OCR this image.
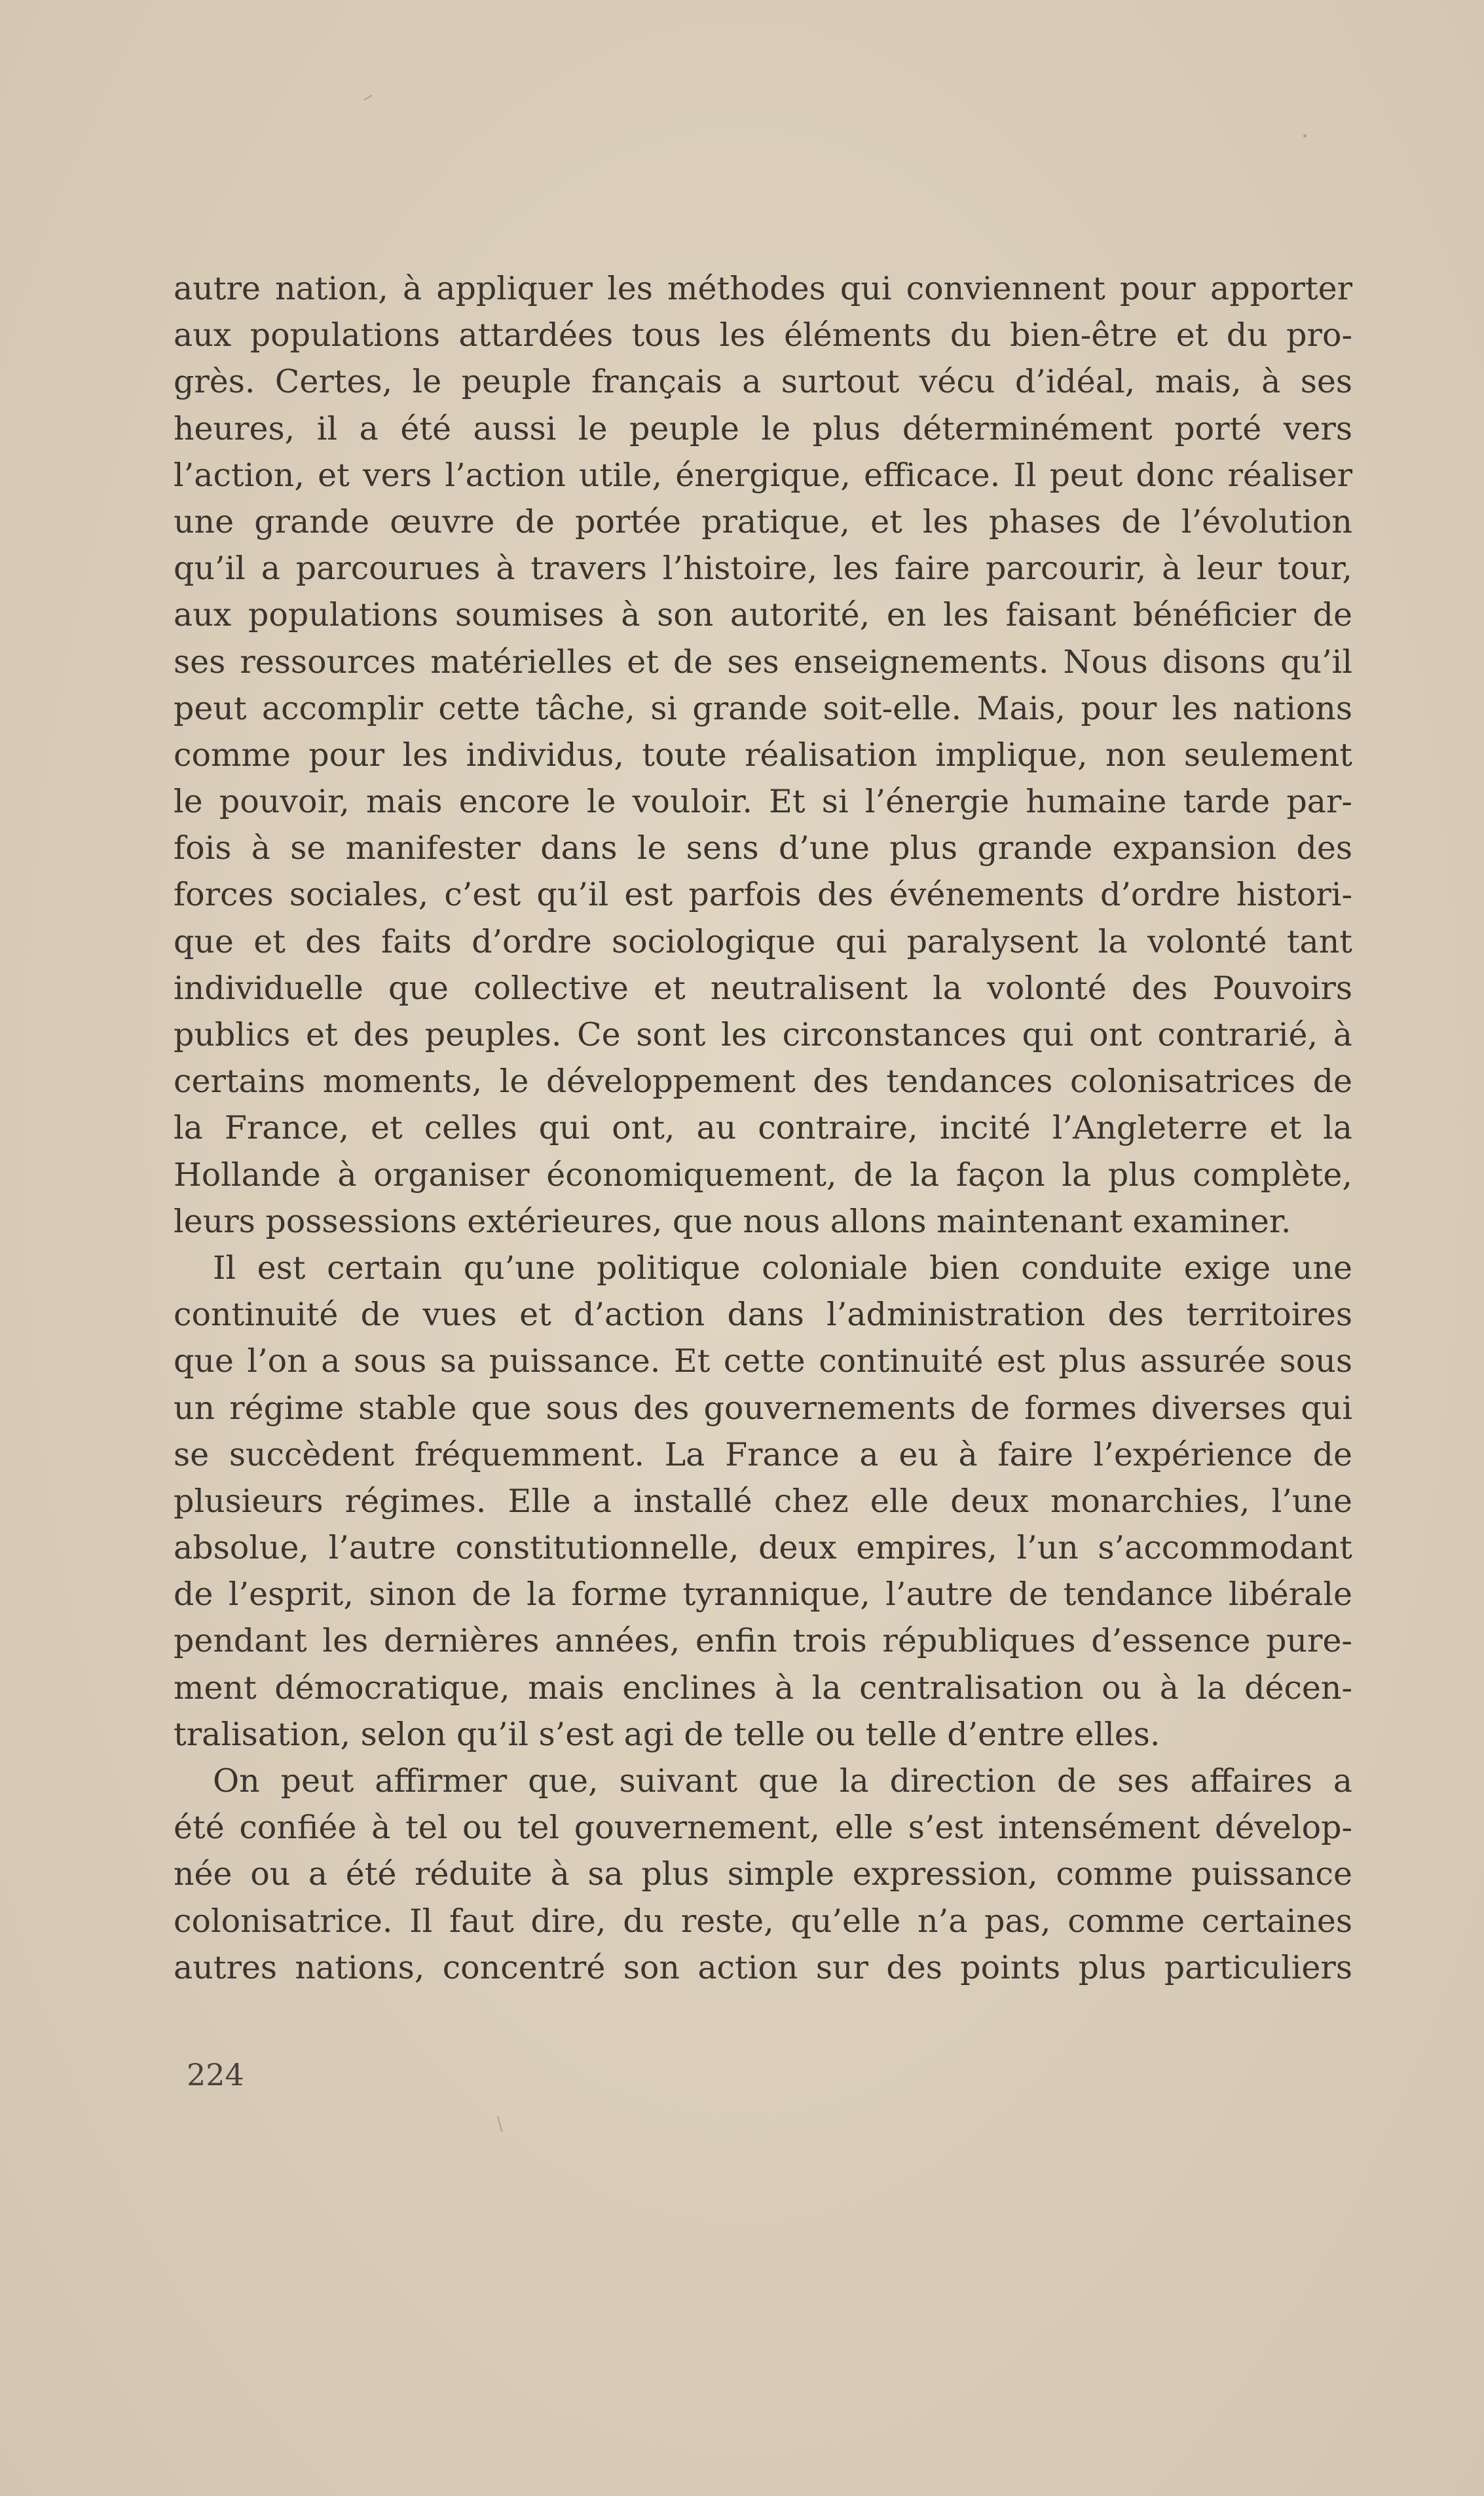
autre nation, à appliquer les méthodes qui conviennent pour apporter
aux populations attardées tous les éléments du bien-être et du pro-
grès. Certes, le peuple français a surtout vécu d’idéal, mais, à ses
heures, il a été aussi le peuple le plus déterminément porté vers
l’action, et vers l’action utile, énergique, efficace. Il peut donc réaliser
une grande œuvre de portée pratique, et les phases de l’évolution
qu’il a parcourues à travers l’histoire, les faire parcourir, à leur tour,
aux populations soumises à son autorité, en les faisant bénéficier de
ses ressources matérielles et de ses enseignements. Nous disons qu’il
peut accomplir cette tâche, si grande soit-elle. Mais, pour les nations
comme pour les individus, toute réalisation implique, non seulement
le pouvoir, mais encore le vouloir. Et si l’énergie humaine tarde par-
fois à se manifester dans le sens d’une plus grande expansion des
forces sociales, c’est qu’il est parfois des événements d’ordre histori-
que et des faits d’ordre sociologique qui paralysent la volonté tant
individuelle que collective et neutralisent la volonté des Pouvoirs
publics et des peuples. Ce sont les circonstances qui ont contrarié, à
certains moments, le développement des tendances colonisatrices de
la France, et celles qui ont, au contraire, incité l’Angleterre et la
Hollande à organiser économiquement, de la façon la plus complète,
leurs possessions extérieures, que nous allons maintenant examiner.
Il est certain qu’une politique coloniale bien conduite exige une
continuité de vues et d’action dans l’administration des territoires
que l’on a sous sa puissance. Et cette continuité est plus assurée sous
un régime stable que sous des gouvernements de formes diverses qui
se succèdent fréquemment. La France a eu à faire l’expérience de
plusieurs régimes. Elle a installé chez elle deux monarchies, l’une
absolue, l’autre constitutionnelle, deux empires, l’un s’accommodant
de l’esprit, sinon de la forme tyrannique, l’autre de tendance libérale
pendant les dernières années, enfin trois républiques d’essence pure-
ment démocratique, mais enclines à la centralisation ou à la décen-
tralisation, selon qu’il s’est agi de telle ou telle d’entre elles.
On peut affirmer que, suivant que la direction de ses affaires a
été confiée à tel ou tel gouvernement, elle s’est intensément dévelop-
née ou a été réduite à sa plus simple expression, comme puissance
colonisatrice. Il faut dire, du reste, qu’elle n’a pas, comme certaines
autres nations, concentré son action sur des points plus particuliers
224
